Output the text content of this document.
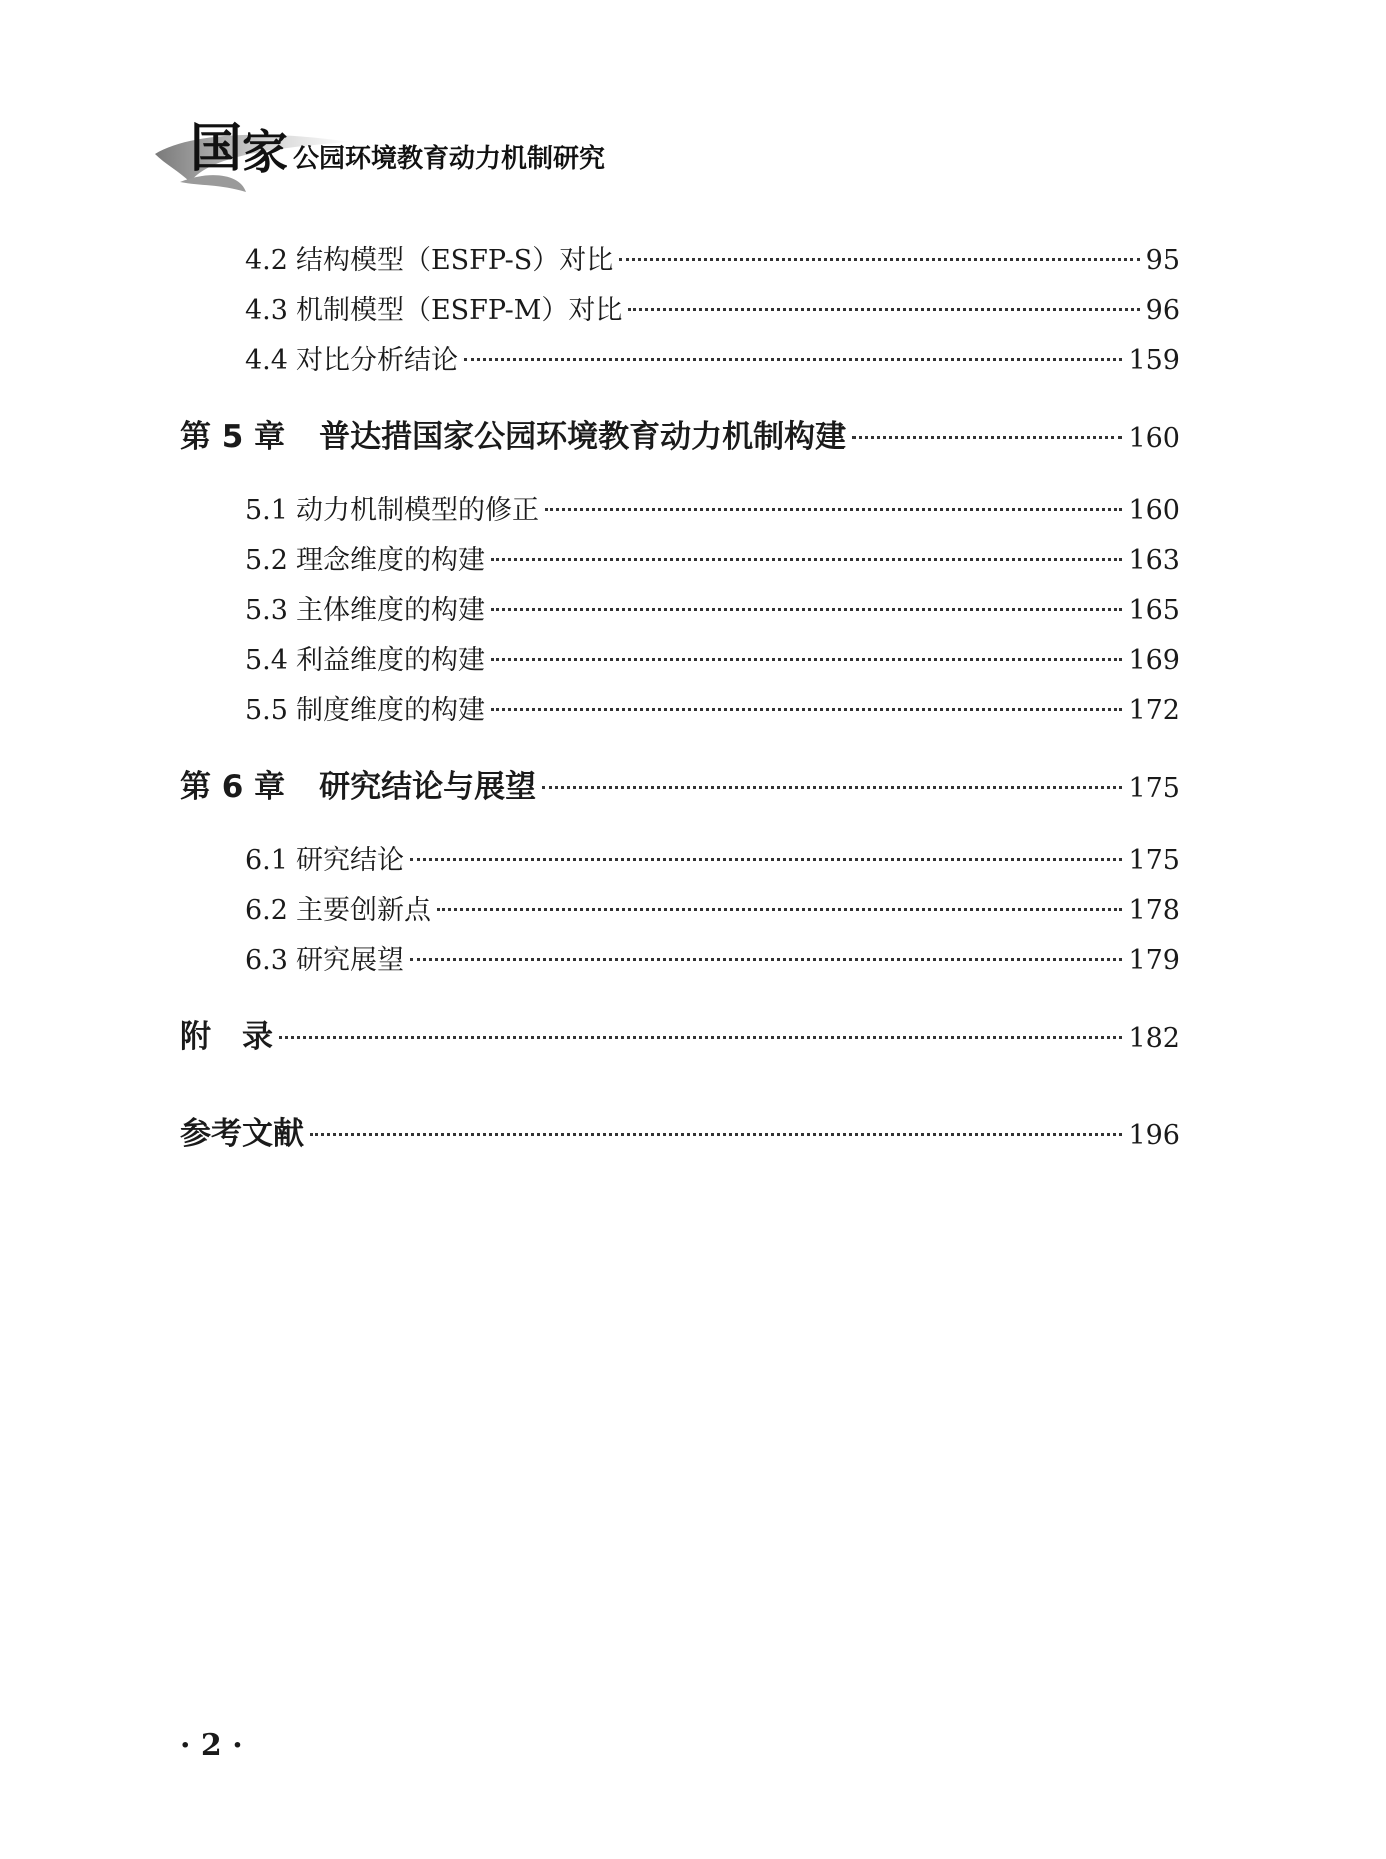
国 家 公园环境教育动力机制研究
4.2 结构模型（ESFP-S）对比	95
4.3 机制模型（ESFP-M）对比	96
4.4 对比分析结论	159
第 5 章 普达措国家公园环境教育动力机制构建	160
5.1 动力机制模型的修正	160
5.2 理念维度的构建	163
5.3 主体维度的构建	165
5.4 利益维度的构建	169
5.5 制度维度的构建	172
第 6 章 研究结论与展望	175
6.1 研究结论	175
6.2 主要创新点	178
6.3 研究展望	179
附　录	182
参考文献	196
· 2 ·
